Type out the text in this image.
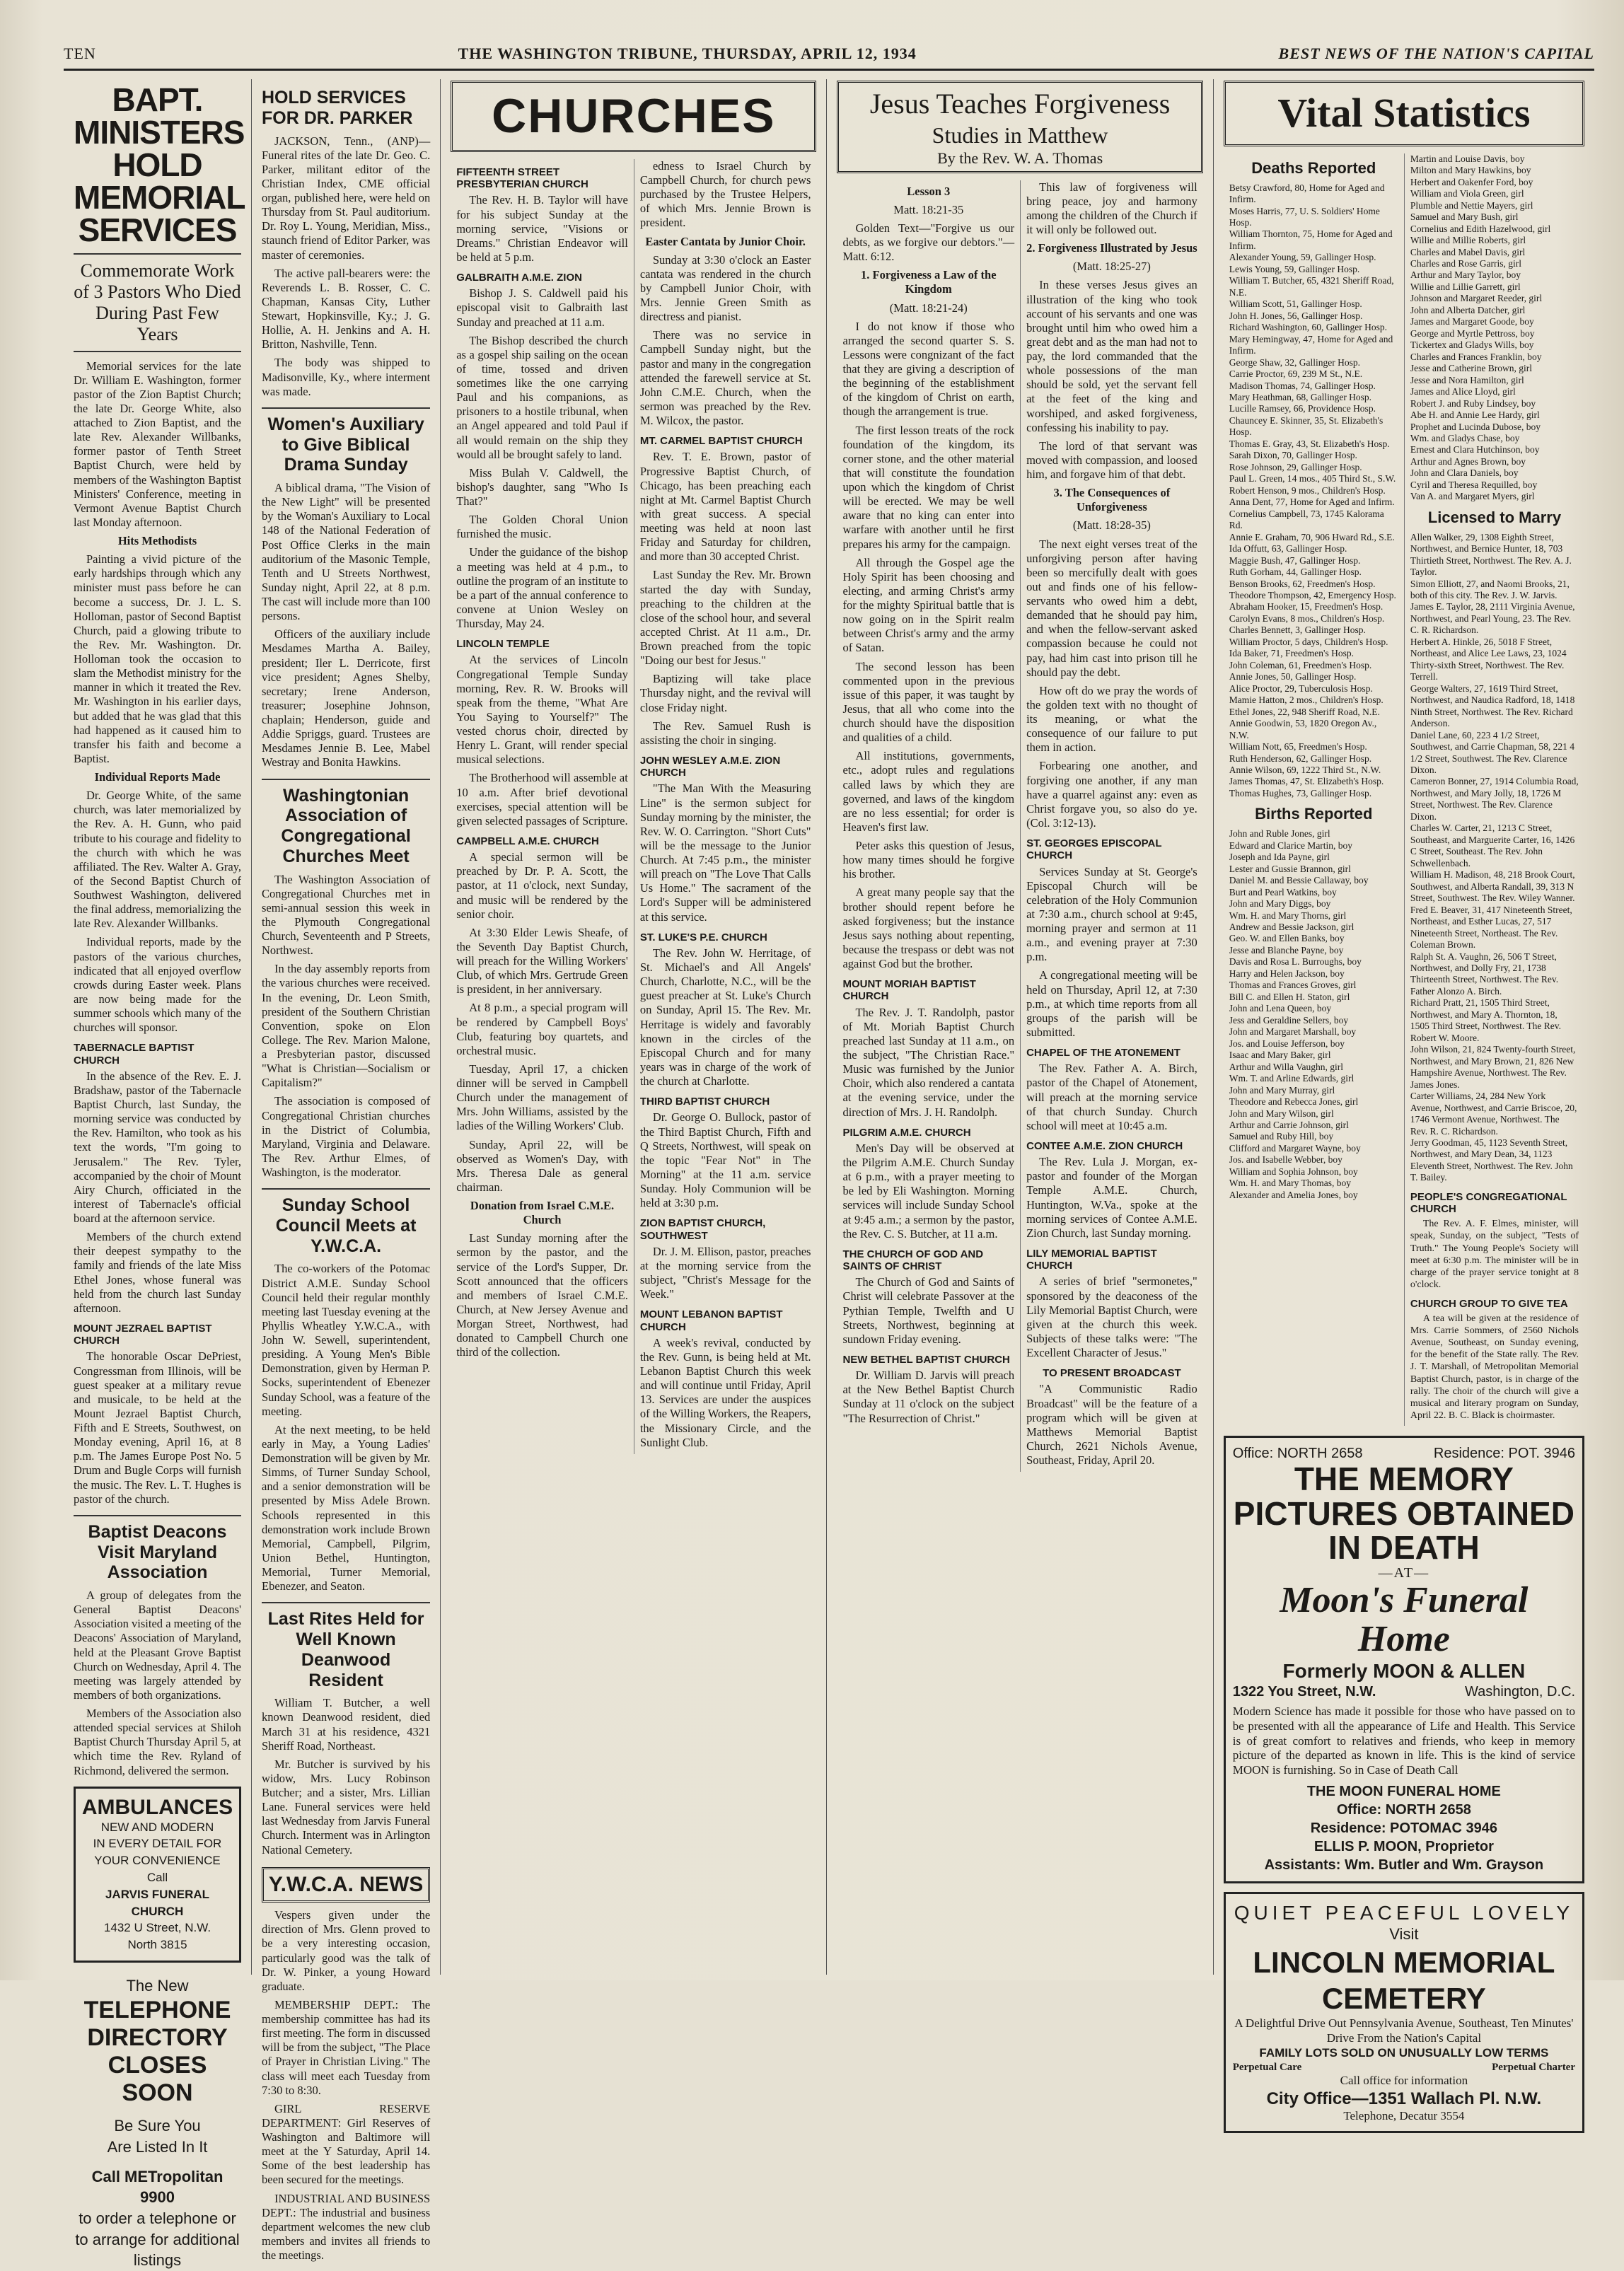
TEN	THE WASHINGTON TRIBUNE, THURSDAY, APRIL 12, 1934	BEST NEWS OF THE NATION'S CAPITAL
BAPT. MINISTERS HOLD MEMORIAL SERVICES
Commemorate Work of 3 Pastors Who Died During Past Few Years

Memorial services for the late Dr. William E. Washington, former pastor of the Zion Baptist Church; the late Dr. George White, also attached to Zion Baptist, and the late Rev. Alexander Willbanks, former pastor of Tenth Street Baptist Church, were held by members of the Washington Baptist Ministers' Conference, meeting in Vermont Avenue Baptist Church last Monday afternoon.

Hits Methodists

Painting a vivid picture of the early hardships through which any minister must pass before he can become a success, Dr. J. L. S. Holloman, pastor of Second Baptist Church, paid a glowing tribute to the Rev. Mr. Washington. Dr. Holloman took the occasion to slam the Methodist ministry for the manner in which it treated the Rev. Mr. Washington in his earlier days, but added that he was glad that this had happened as it caused him to transfer his faith and become a Baptist.

Individual Reports Made

Dr. George White, of the same church, was later memorialized by the Rev. A. H. Gunn, who paid tribute to his courage and fidelity to the church with which he was affiliated. The Rev. Walter A. Gray, of the Second Baptist Church of Southwest Washington, delivered the final address, memorializing the late Rev. Alexander Willbanks.

Individual reports, made by the pastors of the various churches, indicated that all enjoyed overflow crowds during Easter week. Plans are now being made for the summer schools which many of the churches will sponsor.

TABERNACLE BAPTIST CHURCH

In the absence of the Rev. E. J. Bradshaw, pastor of the Tabernacle Baptist Church, last Sunday, the morning service was conducted by the Rev. Hamilton, who took as his text the words, "I'm going to Jerusalem." The Rev. Tyler, accompanied by the choir of Mount Airy Church, officiated in the interest of Tabernacle's official board at the afternoon service.

Members of the church extend their deepest sympathy to the family and friends of the late Miss Ethel Jones, whose funeral was held from the church last Sunday afternoon.

MOUNT JEZRAEL BAPTIST CHURCH

The honorable Oscar DePriest, Congressman from Illinois, will be guest speaker at a military revue and musicale, to be held at the Mount Jezrael Baptist Church, Fifth and E Streets, Southwest, on Monday evening, April 16, at 8 p.m. The James Europe Post No. 5 Drum and Bugle Corps will furnish the music. The Rev. L. T. Hughes is pastor of the church.

Baptist Deacons Visit Maryland Association

A group of delegates from the General Baptist Deacons' Association visited a meeting of the Deacons' Association of Maryland, held at the Pleasant Grove Baptist Church on Wednesday, April 4. The meeting was largely attended by members of both organizations.

Members of the Association also attended special services at Shiloh Baptist Church Thursday April 5, at which time the Rev. Ryland of Richmond, delivered the sermon.

AMBULANCES
NEW AND MODERN
IN EVERY DETAIL FOR
YOUR CONVENIENCE
Call
JARVIS FUNERAL CHURCH
1432 U Street, N.W.
North 3815
The New
TELEPHONE
DIRECTORY
CLOSES SOON
Be Sure You
Are Listed In It
Call METropolitan 9900
to order a telephone or to arrange for additional listings
HOLD SERVICES FOR DR. PARKER

JACKSON, Tenn., (ANP)—Funeral rites of the late Dr. Geo. C. Parker, militant editor of the Christian Index, CME official organ, published here, were held on Thursday from St. Paul auditorium. Dr. Roy L. Young, Meridian, Miss., staunch friend of Editor Parker, was master of ceremonies.

The active pall-bearers were: the Reverends L. B. Rosser, C. C. Chapman, Kansas City, Luther Stewart, Hopkinsville, Ky.; J. G. Hollie, A. H. Jenkins and A. H. Britton, Nashville, Tenn.

The body was shipped to Madisonville, Ky., where interment was made.

Women's Auxiliary to Give Biblical Drama Sunday

A biblical drama, "The Vision of the New Light" will be presented by the Woman's Auxiliary to Local 148 of the National Federation of Post Office Clerks in the main auditorium of the Masonic Temple, Tenth and U Streets Northwest, Sunday night, April 22, at 8 p.m. The cast will include more than 100 persons.

Officers of the auxiliary include Mesdames Martha A. Bailey, president; Iler L. Derricote, first vice president; Agnes Shelby, secretary; Irene Anderson, treasurer; Josephine Johnson, chaplain; Henderson, guide and Addie Spriggs, guard. Trustees are Mesdames Jennie B. Lee, Mabel Westray and Bonita Hawkins.

Washingtonian Association of Congregational Churches Meet

The Washington Association of Congregational Churches met in semi-annual session this week in the Plymouth Congregational Church, Seventeenth and P Streets, Northwest.

In the day assembly reports from the various churches were received. In the evening, Dr. Leon Smith, president of the Southern Christian Convention, spoke on Elon College. The Rev. Marion Malone, a Presbyterian pastor, discussed "What is Christian—Socialism or Capitalism?"

The association is composed of Congregational Christian churches in the District of Columbia, Maryland, Virginia and Delaware. The Rev. Arthur Elmes, of Washington, is the moderator.

Sunday School Council Meets at Y.W.C.A.

The co-workers of the Potomac District A.M.E. Sunday School Council held their regular monthly meeting last Tuesday evening at the Phyllis Wheatley Y.W.C.A., with John W. Sewell, superintendent, presiding. A Young Men's Bible Demonstration, given by Herman P. Socks, superintendent of Ebenezer Sunday School, was a feature of the meeting.

At the next meeting, to be held early in May, a Young Ladies' Demonstration will be given by Mr. Simms, of Turner Sunday School, and a senior demonstration will be presented by Miss Adele Brown. Schools represented in this demonstration work include Brown Memorial, Campbell, Pilgrim, Union Bethel, Huntington, Memorial, Turner Memorial, Ebenezer, and Seaton.

Last Rites Held for Well Known Deanwood Resident

William T. Butcher, a well known Deanwood resident, died March 31 at his residence, 4321 Sheriff Road, Northeast.

Mr. Butcher is survived by his widow, Mrs. Lucy Robinson Butcher; and a sister, Mrs. Lillian Lane. Funeral services were held last Wednesday from Jarvis Funeral Church. Interment was in Arlington National Cemetery.

Y.W.C.A. NEWS

Vespers given under the direction of Mrs. Glenn proved to be a very interesting occasion, particularly good was the talk of Dr. W. Pinker, a young Howard graduate.

MEMBERSHIP DEPT.: The membership committee has had its first meeting. The form in discussed will be from the subject, "The Place of Prayer in Christian Living." The class will meet each Tuesday from 7:30 to 8:30.

GIRL RESERVE DEPARTMENT: Girl Reserves of Washington and Baltimore will meet at the Y Saturday, April 14. Some of the best leadership has been secured for the meetings.

INDUSTRIAL AND BUSINESS DEPT.: The industrial and business department welcomes the new club members and invites all friends to the meetings.

CHURCHES
FIFTEENTH STREET PRESBYTERIAN CHURCH

The Rev. H. B. Taylor will have for his subject Sunday at the morning service, "Visions or Dreams." Christian Endeavor will be held at 5 p.m.

GALBRAITH A.M.E. ZION

Bishop J. S. Caldwell paid his episcopal visit to Galbraith last Sunday and preached at 11 a.m.

The Bishop described the church as a gospel ship sailing on the ocean of time, tossed and driven sometimes like the one carrying Paul and his companions, as prisoners to a hostile tribunal, when an Angel appeared and told Paul if all would remain on the ship they would all be brought safely to land.

Miss Bulah V. Caldwell, the bishop's daughter, sang "Who Is That?"

The Golden Choral Union furnished the music.

Under the guidance of the bishop a meeting was held at 4 p.m., to outline the program of an institute to be a part of the annual conference to convene at Union Wesley on Thursday, May 24.

LINCOLN TEMPLE

At the services of Lincoln Congregational Temple Sunday morning, Rev. R. W. Brooks will speak from the theme, "What Are You Saying to Yourself?" The vested chorus choir, directed by Henry L. Grant, will render special musical selections.

The Brotherhood will assemble at 10 a.m. After brief devotional exercises, special attention will be given selected passages of Scripture.

CAMPBELL A.M.E. CHURCH

A special sermon will be preached by Dr. P. A. Scott, the pastor, at 11 o'clock, next Sunday, and music will be rendered by the senior choir.

At 3:30 Elder Lewis Sheafe, of the Seventh Day Baptist Church, will preach for the Willing Workers' Club, of which Mrs. Gertrude Green is president, in her anniversary.

At 8 p.m., a special program will be rendered by Campbell Boys' Club, featuring boy quartets, and orchestral music.

Tuesday, April 17, a chicken dinner will be served in Campbell Church under the management of Mrs. John Williams, assisted by the ladies of the Willing Workers' Club.

Sunday, April 22, will be observed as Women's Day, with Mrs. Theresa Dale as general chairman.

Donation from Israel C.M.E. Church

Last Sunday morning after the sermon by the pastor, and the service of the Lord's Supper, Dr. Scott announced that the officers and members of Israel C.M.E. Church, at New Jersey Avenue and Morgan Street, Northwest, had donated to Campbell Church one third of the collection.

edness to Israel Church by Campbell Church, for church pews purchased by the Trustee Helpers, of which Mrs. Jennie Brown is president.

Easter Cantata by Junior Choir.

Sunday at 3:30 o'clock an Easter cantata was rendered in the church by Campbell Junior Choir, with Mrs. Jennie Green Smith as directress and pianist.

There was no service in Campbell Sunday night, but the pastor and many in the congregation attended the farewell service at St. John C.M.E. Church, when the sermon was preached by the Rev. M. Wilcox, the pastor.

MT. CARMEL BAPTIST CHURCH

Rev. T. E. Brown, pastor of Progressive Baptist Church, of Chicago, has been preaching each night at Mt. Carmel Baptist Church with great success. A special meeting was held at noon last Friday and Saturday for children, and more than 30 accepted Christ.

Last Sunday the Rev. Mr. Brown started the day with Sunday, preaching to the children at the close of the school hour, and several accepted Christ. At 11 a.m., Dr. Brown preached from the topic "Doing our best for Jesus."

Baptizing will take place Thursday night, and the revival will close Friday night.

The Rev. Samuel Rush is assisting the choir in singing.

JOHN WESLEY A.M.E. ZION CHURCH

"The Man With the Measuring Line" is the sermon subject for Sunday morning by the minister, the Rev. W. O. Carrington. "Short Cuts" will be the message to the Junior Church. At 7:45 p.m., the minister will preach on "The Love That Calls Us Home." The sacrament of the Lord's Supper will be administered at this service.

ST. LUKE'S P.E. CHURCH

The Rev. John W. Herritage, of St. Michael's and All Angels' Church, Charlotte, N.C., will be the guest preacher at St. Luke's Church on Sunday, April 15. The Rev. Mr. Herritage is widely and favorably known in the circles of the Episcopal Church and for many years was in charge of the work of the church at Charlotte.

THIRD BAPTIST CHURCH

Dr. George O. Bullock, pastor of the Third Baptist Church, Fifth and Q Streets, Northwest, will speak on the topic "Fear Not" in The Morning" at the 11 a.m. service Sunday. Holy Communion will be held at 3:30 p.m.

ZION BAPTIST CHURCH, SOUTHWEST

Dr. J. M. Ellison, pastor, preaches at the morning service from the subject, "Christ's Message for the Week."

MOUNT LEBANON BAPTIST CHURCH

A week's revival, conducted by the Rev. Gunn, is being held at Mt. Lebanon Baptist Church this week and will continue until Friday, April 13. Services are under the auspices of the Willing Workers, the Reapers, the Missionary Circle, and the Sunlight Club.

Jesus Teaches Forgiveness
Studies in Matthew
By the Rev. W. A. Thomas
Lesson 3
Matt. 18:21-35

Golden Text—"Forgive us our debts, as we forgive our debtors."—Matt. 6:12.

1. Forgiveness a Law of the Kingdom
(Matt. 18:21-24)

I do not know if those who arranged the second quarter S. S. Lessons were congnizant of the fact that they are giving a description of the beginning of the establishment of the kingdom of Christ on earth, though the arrangement is true.

The first lesson treats of the rock foundation of the kingdom, its corner stone, and the other material that will constitute the foundation upon which the kingdom of Christ will be erected. We may be well aware that no king can enter into warfare with another until he first prepares his army for the campaign.

All through the Gospel age the Holy Spirit has been choosing and electing, and arming Christ's army for the mighty Spiritual battle that is now going on in the Spirit realm between Christ's army and the army of Satan.

The second lesson has been commented upon in the previous issue of this paper, it was taught by Jesus, that all who come into the church should have the disposition and qualities of a child.

All institutions, governments, etc., adopt rules and regulations called laws by which they are governed, and laws of the kingdom are no less essential; for order is Heaven's first law.

Peter asks this question of Jesus, how many times should he forgive his brother.

A great many people say that the brother should repent before he asked forgiveness; but the instance Jesus says nothing about repenting, because the trespass or debt was not against God but the brother.

MOUNT MORIAH BAPTIST CHURCH

The Rev. J. T. Randolph, pastor of Mt. Moriah Baptist Church preached last Sunday at 11 a.m., on the subject, "The Christian Race." Music was furnished by the Junior Choir, which also rendered a cantata at the evening service, under the direction of Mrs. J. H. Randolph.

PILGRIM A.M.E. CHURCH

Men's Day will be observed at the Pilgrim A.M.E. Church Sunday at 6 p.m., with a prayer meeting to be led by Eli Washington. Morning services will include Sunday School at 9:45 a.m.; a sermon by the pastor, the Rev. C. S. Butcher, at 11 a.m.

THE CHURCH OF GOD AND SAINTS OF CHRIST

The Church of God and Saints of Christ will celebrate Passover at the Pythian Temple, Twelfth and U Streets, Northwest, beginning at sundown Friday evening.

NEW BETHEL BAPTIST CHURCH

Dr. William D. Jarvis will preach at the New Bethel Baptist Church Sunday at 11 o'clock on the subject "The Resurrection of Christ."

This law of forgiveness will bring peace, joy and harmony among the children of the Church if it will only be followed out.

2. Forgiveness Illustrated by Jesus
(Matt. 18:25-27)

In these verses Jesus gives an illustration of the king who took account of his servants and one was brought until him who owed him a great debt and as the man had not to pay, the lord commanded that the whole possessions of the man should be sold, yet the servant fell at the feet of the king and worshiped, and asked forgiveness, confessing his inability to pay.

The lord of that servant was moved with compassion, and loosed him, and forgave him of that debt.

3. The Consequences of Unforgiveness
(Matt. 18:28-35)

The next eight verses treat of the unforgiving person after having been so mercifully dealt with goes out and finds one of his fellow-servants who owed him a debt, demanded that he should pay him, and when the fellow-servant asked compassion because he could not pay, had him cast into prison till he should pay the debt.

How oft do we pray the words of the golden text with no thought of its meaning, or what the consequence of our failure to put them in action.

Forbearing one another, and forgiving one another, if any man have a quarrel against any: even as Christ forgave you, so also do ye. (Col. 3:12-13).

ST. GEORGES EPISCOPAL CHURCH

Services Sunday at St. George's Episcopal Church will be celebration of the Holy Communion at 7:30 a.m., church school at 9:45, morning prayer and sermon at 11 a.m., and evening prayer at 7:30 p.m.

A congregational meeting will be held on Thursday, April 12, at 7:30 p.m., at which time reports from all groups of the parish will be submitted.

CHAPEL OF THE ATONEMENT

The Rev. Father A. A. Birch, pastor of the Chapel of Atonement, will preach at the morning service of that church Sunday. Church school will meet at 10:45 a.m.

CONTEE A.M.E. ZION CHURCH

The Rev. Lula J. Morgan, ex-pastor and founder of the Morgan Temple A.M.E. Church, Huntington, W.Va., spoke at the morning services of Contee A.M.E. Zion Church, last Sunday morning.

LILY MEMORIAL BAPTIST CHURCH

A series of brief "sermonetes," sponsored by the deaconess of the Lily Memorial Baptist Church, were given at the church this week. Subjects of these talks were: "The Excellent Character of Jesus."

TO PRESENT BROADCAST

"A Communistic Radio Broadcast" will be the feature of a program which will be given at Matthews Memorial Baptist Church, 2621 Nichols Avenue, Southeast, Friday, April 20.

Vital Statistics
Deaths Reported
Betsy Crawford, 80, Home for Aged and Infirm.
Moses Harris, 77, U. S. Soldiers' Home Hosp.
William Thornton, 75, Home for Aged and Infirm.
Alexander Young, 59, Gallinger Hosp.
Lewis Young, 59, Gallinger Hosp.
William T. Butcher, 65, 4321 Sheriff Road, N.E.
William Scott, 51, Gallinger Hosp.
John H. Jones, 56, Gallinger Hosp.
Richard Washington, 60, Gallinger Hosp.
Mary Hemingway, 47, Home for Aged and Infirm.
George Shaw, 32, Gallinger Hosp.
Carrie Proctor, 69, 239 M St., N.E.
Madison Thomas, 74, Gallinger Hosp.
Mary Heathman, 68, Gallinger Hosp.
Lucille Ramsey, 66, Providence Hosp.
Chauncey E. Skinner, 35, St. Elizabeth's Hosp.
Thomas E. Gray, 43, St. Elizabeth's Hosp.
Sarah Dixon, 70, Gallinger Hosp.
Rose Johnson, 29, Gallinger Hosp.
Paul L. Green, 14 mos., 405 Third St., S.W.
Robert Henson, 9 mos., Children's Hosp.
Anna Dent, 77, Home for Aged and Infirm.
Cornelius Campbell, 73, 1745 Kalorama Rd.
Annie E. Graham, 70, 906 Hward Rd., S.E.
Ida Offutt, 63, Gallinger Hosp.
Maggie Bush, 47, Gallinger Hosp.
Ruth Gorham, 44, Gallinger Hosp.
Benson Brooks, 62, Freedmen's Hosp.
Theodore Thompson, 42, Emergency Hosp.
Abraham Hooker, 15, Freedmen's Hosp.
Carolyn Evans, 8 mos., Children's Hosp.
Charles Bennett, 3, Gallinger Hosp.
William Proctor, 5 days, Children's Hosp.
Ida Baker, 71, Freedmen's Hosp.
John Coleman, 61, Freedmen's Hosp.
Annie Jones, 50, Gallinger Hosp.
Alice Proctor, 29, Tuberculosis Hosp.
Mamie Hatton, 2 mos., Children's Hosp.
Ethel Jones, 22, 948 Sheriff Road, N.E.
Annie Goodwin, 53, 1820 Oregon Av., N.W.
William Nott, 65, Freedmen's Hosp.
Ruth Henderson, 62, Gallinger Hosp.
Annie Wilson, 69, 1222 Third St., N.W.
James Thomas, 47, St. Elizabeth's Hosp.
Thomas Hughes, 73, Gallinger Hosp.
Births Reported
John and Ruble Jones, girl
Edward and Clarice Martin, boy
Joseph and Ida Payne, girl
Lester and Gussie Brannon, girl
Daniel M. and Bessie Callaway, boy
Burt and Pearl Watkins, boy
John and Mary Diggs, boy
Wm. H. and Mary Thorns, girl
Andrew and Bessie Jackson, girl
Geo. W. and Ellen Banks, boy
Jesse and Blanche Payne, boy
Davis and Rosa L. Burroughs, boy
Harry and Helen Jackson, boy
Thomas and Frances Groves, girl
Bill C. and Ellen H. Staton, girl
John and Lena Queen, boy
Jess and Geraldine Sellers, boy
John and Margaret Marshall, boy
Jos. and Louise Jefferson, boy
Isaac and Mary Baker, girl
Arthur and Willa Vaughn, girl
Wm. T. and Arline Edwards, girl
John and Mary Murray, girl
Theodore and Rebecca Jones, girl
John and Mary Wilson, girl
Arthur and Carrie Johnson, girl
Samuel and Ruby Hill, boy
Clifford and Margaret Wayne, boy
Jos. and Isabelle Webber, boy
William and Sophia Johnson, boy
Wm. H. and Mary Thomas, boy
Alexander and Amelia Jones, boy
Martin and Louise Davis, boy
Milton and Mary Hawkins, boy
Herbert and Oakenfer Ford, boy
William and Viola Green, girl
Plumble and Nettie Mayers, girl
Samuel and Mary Bush, girl
Cornelius and Edith Hazelwood, girl
Willie and Millie Roberts, girl
Charles and Mabel Davis, girl
Charles and Rose Garris, girl
Arthur and Mary Taylor, boy
Willie and Lillie Garrett, girl
Johnson and Margaret Reeder, girl
John and Alberta Datcher, girl
James and Margaret Goode, boy
George and Myrtle Pettross, boy
Tickertex and Gladys Wills, boy
Charles and Frances Franklin, boy
Jesse and Catherine Brown, girl
Jesse and Nora Hamilton, girl
James and Alice Lloyd, girl
Robert J. and Ruby Lindsey, boy
Abe H. and Annie Lee Hardy, girl
Prophet and Lucinda Dubose, boy
Wm. and Gladys Chase, boy
Ernest and Clara Hutchinson, boy
Arthur and Agnes Brown, boy
John and Clara Daniels, boy
Cyril and Theresa Requilled, boy
Van A. and Margaret Myers, girl
Licensed to Marry
Allen Walker, 29, 1308 Eighth Street, Northwest, and Bernice Hunter, 18, 703 Thirtieth Street, Northwest. The Rev. A. J. Taylor.
Simon Elliott, 27, and Naomi Brooks, 21, both of this city. The Rev. J. W. Jarvis.
James E. Taylor, 28, 2111 Virginia Avenue, Northwest, and Pearl Young, 23. The Rev. C. R. Richardson.
Herbert A. Hinkle, 26, 5018 F Street, Northeast, and Alice Lee Laws, 23, 1024 Thirty-sixth Street, Northwest. The Rev. Terrell.
George Walters, 27, 1619 Third Street, Northwest, and Naudica Radford, 18, 1418 Ninth Street, Northwest. The Rev. Richard Anderson.
Daniel Lane, 60, 223 4 1/2 Street, Southwest, and Carrie Chapman, 58, 221 4 1/2 Street, Southwest. The Rev. Clarence Dixon.
Cameron Bonner, 27, 1914 Columbia Road, Northwest, and Mary Jolly, 18, 1726 M Street, Northwest. The Rev. Clarence Dixon.
Charles W. Carter, 21, 1213 C Street, Southeast, and Marguerite Carter, 16, 1426 C Street, Southeast. The Rev. John Schwellenbach.
William H. Madison, 48, 218 Brook Court, Southwest, and Alberta Randall, 39, 313 N Street, Southwest. The Rev. Wiley Wanner.
Fred E. Beaver, 31, 417 Nineteenth Street, Northeast, and Esther Lucas, 27, 517 Nineteenth Street, Northeast. The Rev. Coleman Brown.
Ralph St. A. Vaughn, 26, 506 T Street, Northwest, and Dolly Fry, 21, 1738 Thirteenth Street, Northwest. The Rev. Father Alonzo A. Birch.
Richard Pratt, 21, 1505 Third Street, Northwest, and Mary A. Thornton, 18, 1505 Third Street, Northwest. The Rev. Robert W. Moore.
John Wilson, 21, 824 Twenty-fourth Street, Northwest, and Mary Brown, 21, 826 New Hampshire Avenue, Northwest. The Rev. James Jones.
Carter Williams, 24, 284 New York Avenue, Northwest, and Carrie Briscoe, 20, 1746 Vermont Avenue, Northwest. The Rev. R. C. Richardson.
Jerry Goodman, 45, 1123 Seventh Street, Northwest, and Mary Dean, 34, 1123 Eleventh Street, Northwest. The Rev. John T. Bailey.
PEOPLE'S CONGREGATIONAL CHURCH

The Rev. A. F. Elmes, minister, will speak, Sunday, on the subject, "Tests of Truth." The Young People's Society will meet at 6:30 p.m. The minister will be in charge of the prayer service tonight at 8 o'clock.

CHURCH GROUP TO GIVE TEA

A tea will be given at the residence of Mrs. Carrie Sommers, of 2560 Nichols Avenue, Southeast, on Sunday evening, for the benefit of the State rally. The Rev. J. T. Marshall, of Metropolitan Memorial Baptist Church, pastor, is in charge of the rally. The choir of the church will give a musical and literary program on Sunday, April 22. B. C. Black is choirmaster.

Office: NORTH 2658	Residence: POT. 3946
THE MEMORY PICTURES OBTAINED IN DEATH
—AT—
Moon's Funeral Home
Formerly MOON & ALLEN
1322 You Street, N.W.	Washington, D.C.
Modern Science has made it possible for those who have passed on to be presented with all the appearance of Life and Health. This Service is of great comfort to relatives and friends, who keep in memory picture of the departed as known in life. This is the kind of service MOON is furnishing. So in Case of Death Call
THE MOON FUNERAL HOME
Office: NORTH 2658
Residence: POTOMAC 3946
ELLIS P. MOON, Proprietor
Assistants: Wm. Butler and Wm. Grayson
QUIET PEACEFUL LOVELY
Visit
LINCOLN MEMORIAL CEMETERY
A Delightful Drive Out Pennsylvania Avenue, Southeast, Ten Minutes' Drive From the Nation's Capital
FAMILY LOTS SOLD ON UNUSUALLY LOW TERMS
Perpetual Care	Perpetual Charter
Call office for information
City Office—1351 Wallach Pl. N.W.
Telephone, Decatur 3554
